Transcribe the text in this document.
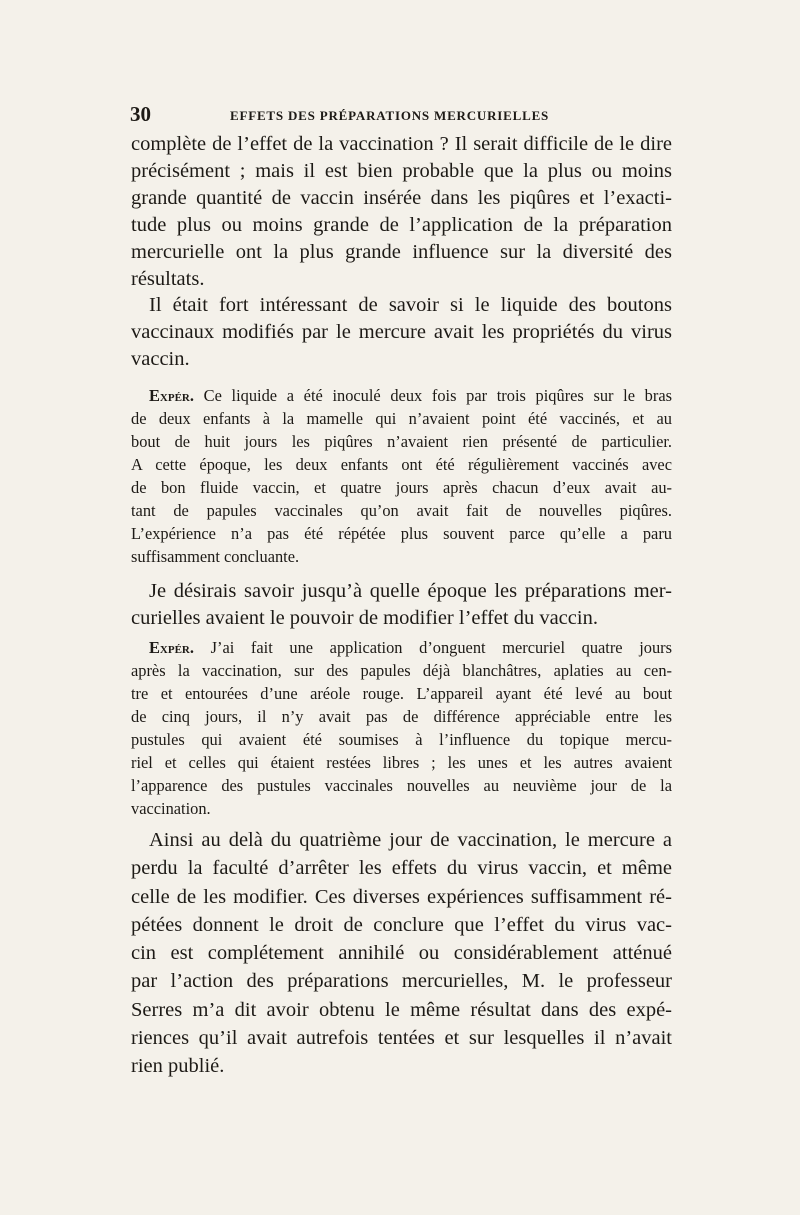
30	EFFETS DES PRÉPARATIONS MERCURIELLES
complète de l’effet de la vaccination ? Il serait difficile de le dire
précisément ; mais il est bien probable que la plus ou moins
grande quantité de vaccin insérée dans les piqûres et l’exacti-
tude plus ou moins grande de l’application de la préparation
mercurielle ont la plus grande influence sur la diversité des
résultats.
Il était fort intéressant de savoir si le liquide des boutons
vaccinaux modifiés par le mercure avait les propriétés du virus
vaccin.
Expér. Ce liquide a été inoculé deux fois par trois piqûres sur le bras
de deux enfants à la mamelle qui n’avaient point été vaccinés, et au
bout de huit jours les piqûres n’avaient rien présenté de particulier.
A cette époque, les deux enfants ont été régulièrement vaccinés avec
de bon fluide vaccin, et quatre jours après chacun d’eux avait au-
tant de papules vaccinales qu’on avait fait de nouvelles piqûres.
L’expérience n’a pas été répétée plus souvent parce qu’elle a paru
suffisamment concluante.
Je désirais savoir jusqu’à quelle époque les préparations mer-
curielles avaient le pouvoir de modifier l’effet du vaccin.
Expér. J’ai fait une application d’onguent mercuriel quatre jours
après la vaccination, sur des papules déjà blanchâtres, aplaties au cen-
tre et entourées d’une aréole rouge. L’appareil ayant été levé au bout
de cinq jours, il n’y avait pas de différence appréciable entre les
pustules qui avaient été soumises à l’influence du topique mercu-
riel et celles qui étaient restées libres ; les unes et les autres avaient
l’apparence des pustules vaccinales nouvelles au neuvième jour de la
vaccination.
Ainsi au delà du quatrième jour de vaccination, le mercure a
perdu la faculté d’arrêter les effets du virus vaccin, et même
celle de les modifier. Ces diverses expériences suffisamment ré-
pétées donnent le droit de conclure que l’effet du virus vac-
cin est complétement annihilé ou considérablement atténué
par l’action des préparations mercurielles, M. le professeur
Serres m’a dit avoir obtenu le même résultat dans des expé-
riences qu’il avait autrefois tentées et sur lesquelles il n’avait
rien publié.
